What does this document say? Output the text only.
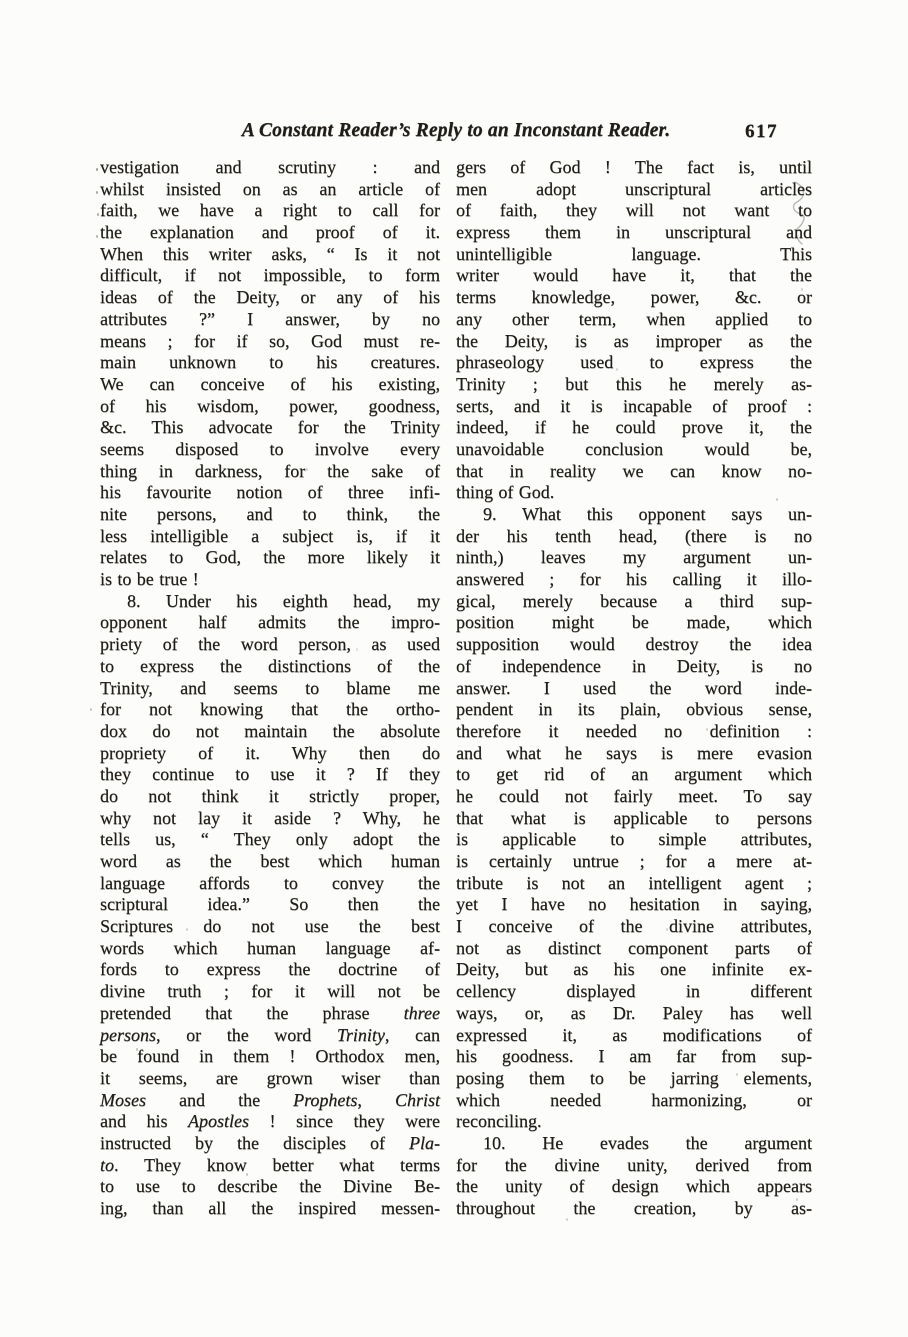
A Constant Reader’s Reply to an Inconstant Reader.	617
vestigation and scrutiny : and
whilst insisted on as an article of
faith, we have a right to call for
the explanation and proof of it.
When this writer asks, “ Is it not
difficult, if not impossible, to form
ideas of the Deity, or any of his
attributes ?” I answer, by no
means ; for if so, God must re-
main unknown to his creatures.
We can conceive of his existing,
of his wisdom, power, goodness,
&c. This advocate for the Trinity
seems disposed to involve every
thing in darkness, for the sake of
his favourite notion of three infi-
nite persons, and to think, the
less intelligible a subject is, if it
relates to God, the more likely it
is to be true !
8. Under his eighth head, my
opponent half admits the impro-
priety of the word person, as used
to express the distinctions of the
Trinity, and seems to blame me
for not knowing that the ortho-
dox do not maintain the absolute
propriety of it. Why then do
they continue to use it ? If they
do not think it strictly proper,
why not lay it aside ? Why, he
tells us, “ They only adopt the
word as the best which human
language affords to convey the
scriptural idea.” So then the
Scriptures do not use the best
words which human language af-
fords to express the doctrine of
divine truth ; for it will not be
pretended that the phrase three
persons, or the word Trinity, can
be found in them ! Orthodox men,
it seems, are grown wiser than
Moses and the Prophets, Christ
and his Apostles ! since they were
instructed by the disciples of Pla-
to. They know better what terms
to use to describe the Divine Be-
ing, than all the inspired messen-
gers of God ! The fact is, until
men adopt unscriptural articles
of faith, they will not want to
express them in unscriptural and
unintelligible language. This
writer would have it, that the
terms knowledge, power, &c. or
any other term, when applied to
the Deity, is as improper as the
phraseology used to express the
Trinity ; but this he merely as-
serts, and it is incapable of proof :
indeed, if he could prove it, the
unavoidable conclusion would be,
that in reality we can know no-
thing of God.
9. What this opponent says un-
der his tenth head, (there is no
ninth,) leaves my argument un-
answered ; for his calling it illo-
gical, merely because a third sup-
position might be made, which
supposition would destroy the idea
of independence in Deity, is no
answer. I used the word inde-
pendent in its plain, obvious sense,
therefore it needed no definition :
and what he says is mere evasion
to get rid of an argument which
he could not fairly meet. To say
that what is applicable to persons
is applicable to simple attributes,
is certainly untrue ; for a mere at-
tribute is not an intelligent agent ;
yet I have no hesitation in saying,
I conceive of the divine attributes,
not as distinct component parts of
Deity, but as his one infinite ex-
cellency displayed in different
ways, or, as Dr. Paley has well
expressed it, as modifications of
his goodness. I am far from sup-
posing them to be jarring elements,
which needed harmonizing, or
reconciling.
10. He evades the argument
for the divine unity, derived from
the unity of design which appears
throughout the creation, by as-
